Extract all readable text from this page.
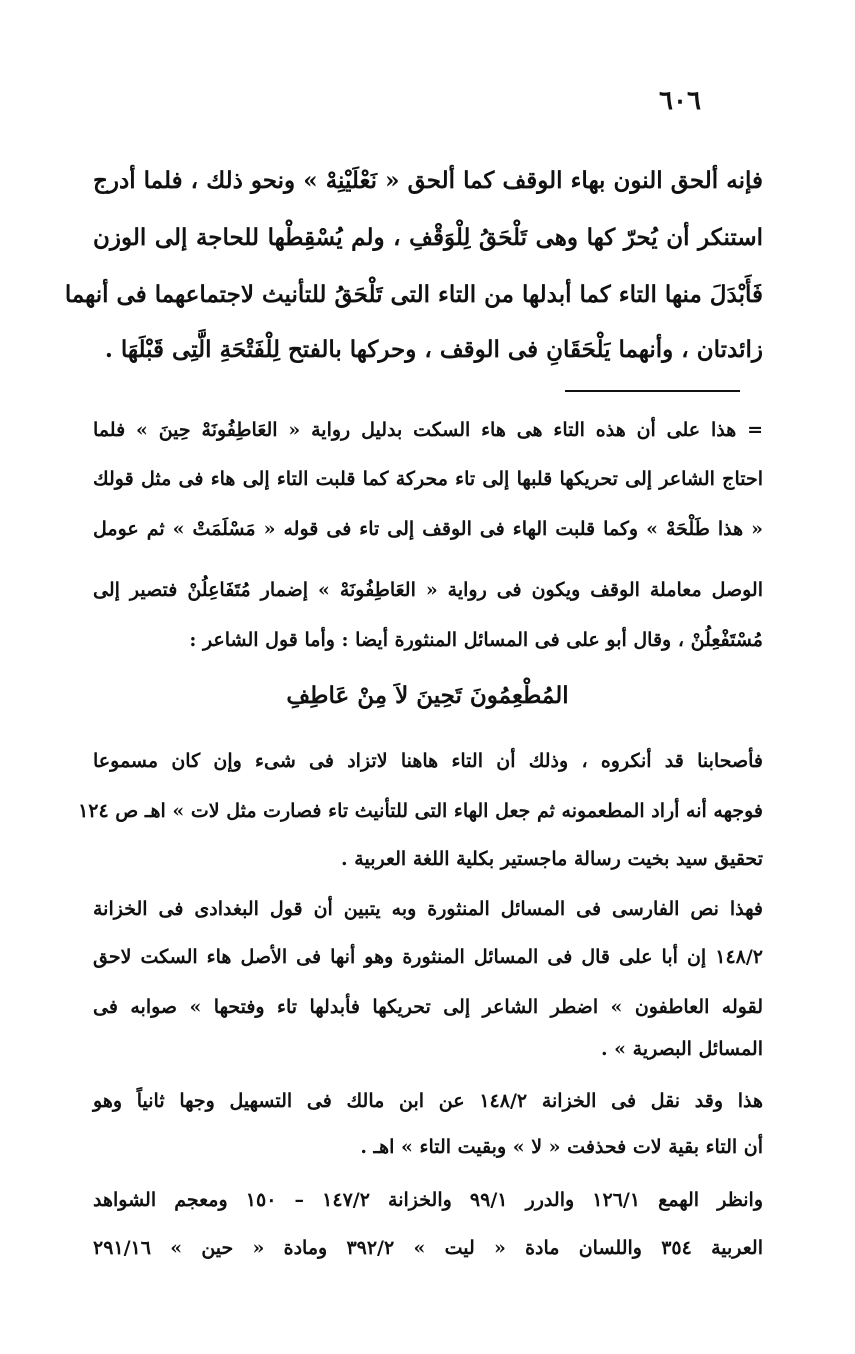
٦٠٦
فإنه ألحق النون بهاء الوقف كما ألحق « نَعْلَيْنِهْ » ونحو ذلك ، فلما أدرج
استنكر أن يُحرّ كها وهى تَلْحَقُ لِلْوَقْفِ ، ولم يُسْقِطْها للحاجة إلى الوزن
فَأَبْدَلَ منها التاء كما أبدلها من التاء التى تَلْحَقُ للتأنيث لاجتماعهما فى أنهما
زائدتان ، وأنهما يَلْحَقَانِ فى الوقف ، وحركها بالفتح لِلْفَتْحَةِ الَّتِى قَبْلَهَا .
= هذا على أن هذه التاء هى هاء السكت بدليل رواية « العَاطِفُونَهْ حِينَ » فلما
احتاج الشاعر إلى تحريكها قلبها إلى تاء محركة كما قلبت التاء إلى هاء فى مثل قولك
« هذا طَلْحَهْ » وكما قلبت الهاء فى الوقف إلى تاء فى قوله « مَسْلَمَتْ » ثم عومل
الوصل معاملة الوقف ويكون فى رواية « العَاطِفُونَهْ » إضمار مُتَفَاعِلُنْ فتصير إلى
مُسْتَفْعِلُنْ ، وقال أبو على فى المسائل المنثورة أيضا : وأما قول الشاعر :
المُطْعِمُونَ تَحِينَ لاَ مِنْ عَاطِفِ
فأصحابنا قد أنكروه ، وذلك أن التاء هاهنا لاتزاد فى شىء وإن كان مسموعا
فوجهه أنه أراد المطعمونه ثم جعل الهاء التى للتأنيث تاء فصارت مثل لات » اهـ ص ١٢٤
تحقيق سيد بخيت رسالة ماجستير بكلية اللغة العربية .
فهذا نص الفارسى فى المسائل المنثورة وبه يتبين أن قول البغدادى فى الخزانة
١٤٨/٢ إن أبا على قال فى المسائل المنثورة وهو أنها فى الأصل هاء السكت لاحق
لقوله العاطفون » اضطر الشاعر إلى تحريكها فأبدلها تاء وفتحها » صوابه فى
المسائل البصرية » .
هذا وقد نقل فى الخزانة ١٤٨/٢ عن ابن مالك فى التسهيل وجها ثانياً وهو
أن التاء بقية لات فحذفت « لا » وبقيت التاء » اهـ .
وانظر الهمع ١٢٦/١ والدرر ٩٩/١ والخزانة ١٤٧/٢ – ١٥٠ ومعجم الشواهد
العربية ٣٥٤ واللسان مادة « ليت » ٣٩٢/٢ ومادة « حين » ٢٩١/١٦
